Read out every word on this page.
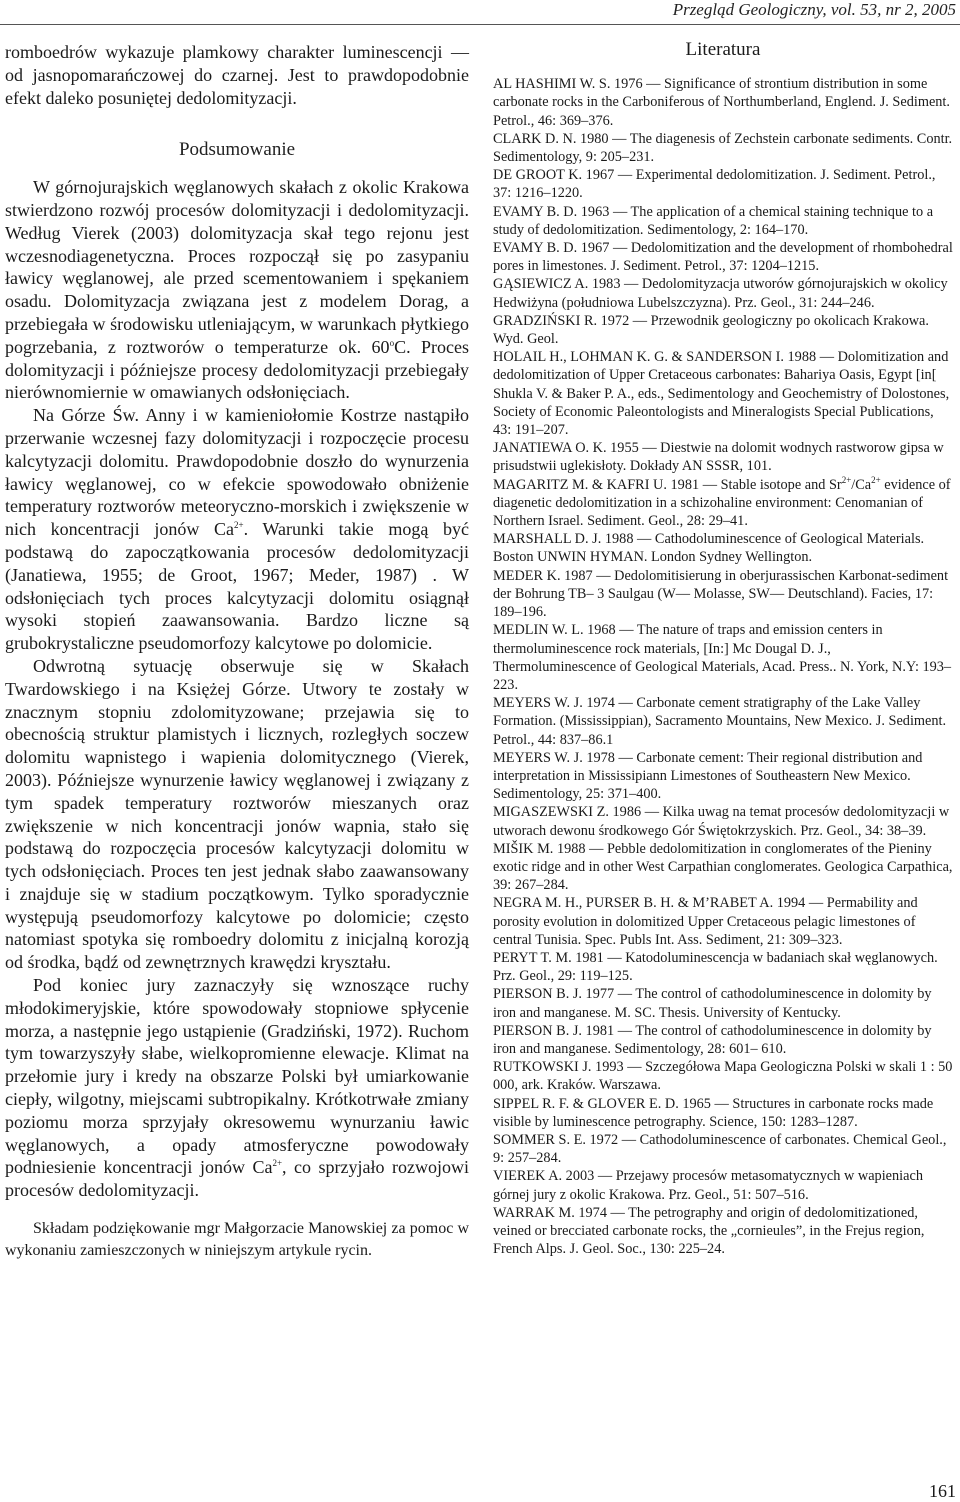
Przegląd Geologiczny, vol. 53, nr 2, 2005

romboedrów wykazuje plamkowy charakter luminescencji — od jasnopomarańczowej do czarnej. Jest to prawdopodobnie efekt daleko posuniętej dedolomityzacji.

Podsumowanie

W górnojurajskich węglanowych skałach z okolic Krakowa stwierdzono rozwój procesów dolomityzacji i dedolomityzacji. Według Vierek (2003) dolomityzacja skał tego rejonu jest wczesnodiagenetyczna. Proces rozpoczął się po zasypaniu ławicy węglanowej, ale przed scementowaniem i spękaniem osadu. Dolomityzacja związana jest z modelem Dorag, a przebiegała w środowisku utleniającym, w warunkach płytkiego pogrzebania, z roztworów o temperaturze ok. 60$^o$C. Proces dolomityzacji i późniejsze procesy dedolomityzacji przebiegały nierównomiernie w omawianych odsłonięciach.

Na Górze Św. Anny i w kamieniołomie Kostrze nastąpiło przerwanie wczesnej fazy dolomityzacji i rozpoczęcie procesu kalcytyzacji dolomitu. Prawdopodobnie doszło do wynurzenia ławicy węglanowej, co w efekcie spowodowało obniżenie temperatury roztworów meteoryczno-morskich i zwiększenie w nich koncentracji jonów $Ca^{2+}$. Warunki takie mogą być podstawą do zapoczątkowania procesów dedolomityzacji (Janatiewa, 1955; de Groot, 1967; Meder, 1987) . W odsłonięciach tych proces kalcytyzacji dolomitu osiągnął wysoki stopień zaawansowania. Bardzo liczne są grubokrystaliczne pseudomorfozy kalcytowe po dolomicie.

Odwrotną sytuację obserwuje się w Skałach Twardowskiego i na Księżej Górze. Utwory te zostały w znacznym stopniu zdolomityzowane; przejawia się to obecnością struktur plamistych i licznych, rozległych soczew dolomitu wapnistego i wapienia dolomitycznego (Vierek, 2003). Późniejsze wynurzenie ławicy węglanowej i związany z tym spadek temperatury roztworów mieszanych oraz zwiększenie w nich koncentracji jonów wapnia, stało się podstawą do rozpoczęcia procesów kalcytyzacji dolomitu w tych odsłonięciach. Proces ten jest jednak słabo zaawansowany i znajduje się w stadium początkowym. Tylko sporadycznie występują pseudomorfozy kalcytowe po dolomicie; często natomiast spotyka się romboedry dolomitu z inicjalną korozją od środka, bądź od zewnętrznych krawędzi kryształu.

Pod koniec jury zaznaczyły się wznoszące ruchy młodokimeryjskie, które spowodowały stopniowe spłycenie morza, a następnie jego ustąpienie (Gradziński, 1972). Ruchom tym towarzyszyły słabe, wielkopromienne elewacje. Klimat na przełomie jury i kredy na obszarze Polski był umiarkowanie ciepły, wilgotny, miejscami subtropikalny. Krótkotrwałe zmiany poziomu morza sprzyjały okresowemu wynurzaniu ławic węglanowych, a opady atmosferyczne powodowały podniesienie koncentracji jonów $Ca^{2+}$, co sprzyjało rozwojowi procesów dedolomityzacji.

Składam podziękowanie mgr Małgorzacie Manowskiej za pomoc w wykonaniu zamieszczonych w niniejszym artykule rycin.

Literatura

AL HASHIMI W. S. 1976 — Significance of strontium distribution in some carbonate rocks in the Carboniferous of Northumberland, Englend. J. Sediment. Petrol., 46: 369–376.

CLARK D. N. 1980 — The diagenesis of Zechstein carbonate sediments. Contr. Sedimentology, 9: 205–231.

DE GROOT K. 1967 — Experimental dedolomitization. J. Sediment. Petrol., 37: 1216–1220.

EVAMY B. D. 1963 — The application of a chemical staining technique to a study of dedolomitization. Sedimentology, 2: 164–170.

EVAMY B. D. 1967 — Dedolomitization and the development of rhombohedral pores in limestones. J. Sediment. Petrol., 37: 1204–1215.

GĄSIEWICZ A. 1983 — Dedolomityzacja utworów górnojurajskich w okolicy Hedwiżyna (południowa Lubelszczyzna). Prz. Geol., 31: 244–246.

GRADZIŃSKI R. 1972 — Przewodnik geologiczny po okolicach Krakowa. Wyd. Geol.

HOLAIL H., LOHMAN K. G. & SANDERSON I. 1988 — Dolomitization and dedolomitization of Upper Cretaceous carbonates: Bahariya Oasis, Egypt [in[ Shukla V. & Baker P. A., eds., Sedimentology and Geochemistry of Dolostones, Society of Economic Paleontologists and Mineralogists Special Publications, 43: 191–207.

JANATIEWA O. K. 1955 — Diestwie na dolomit wodnych rastworow gipsa w prisudstwii uglekisłoty. Dokłady AN SSSR, 101.

MAGARITZ M. & KAFRI U. 1981 — Stable isotope and $Sr^{2+}/Ca^{2+}$ evidence of diagenetic dedolomitization in a schizohaline environment: Cenomanian of Northern Israel. Sediment. Geol., 28: 29–41.

MARSHALL D. J. 1988 — Cathodoluminescence of Geological Materials. Boston UNWIN HYMAN. London Sydney Wellington.

MEDER K. 1987 — Dedolomitisierung in oberjurassischen Karbonat-sediment der Bohrung TB– 3 Saulgau (W— Molasse, SW— Deutschland). Facies, 17: 189–196.

MEDLIN W. L. 1968 — The nature of traps and emission centers in thermoluminescence rock materials, [In:] Mc Dougal D. J., Thermoluminescence of Geological Materials, Acad. Press.. N. York, N.Y: 193–223.

MEYERS W. J. 1974 — Carbonate cement stratigraphy of the Lake Valley Formation. (Mississippian), Sacramento Mountains, New Mexico. J. Sediment. Petrol., 44: 837–86.1

MEYERS W. J. 1978 — Carbonate cement: Their regional distribution and interpretation in Mississipiann Limestones of Southeastern New Mexico. Sedimentology, 25: 371–400.

MIGASZEWSKI Z. 1986 — Kilka uwag na temat procesów dedolomityzacji w utworach dewonu środkowego Gór Świętokrzyskich. Prz. Geol., 34: 38–39.

MIŠIK M. 1988 — Pebble dedolomitization in conglomerates of the Pieniny exotic ridge and in other West Carpathian conglomerates. Geologica Carpathica, 39: 267–284.

NEGRA M. H., PURSER B. H. & M’RABET A. 1994 — Permability and porosity evolution in dolomitized Upper Cretaceous pelagic limestones of central Tunisia. Spec. Publs Int. Ass. Sediment, 21: 309–323.

PERYT T. M. 1981 — Katodoluminescencja w badaniach skał węglanowych. Prz. Geol., 29: 119–125.

PIERSON B. J. 1977 — The control of cathodoluminescence in dolomity by iron and manganese. M. SC. Thesis. University of Kentucky.

PIERSON B. J. 1981 — The control of cathodoluminescence in dolomity by iron and manganese. Sedimentology, 28: 601– 610.

RUTKOWSKI J. 1993 — Szczegółowa Mapa Geologiczna Polski w skali 1 : 50 000, ark. Kraków. Warszawa.

SIPPEL R. F. & GLOVER E. D. 1965 — Structures in carbonate rocks made visible by luminescence petrography. Science, 150: 1283–1287.

SOMMER S. E. 1972 — Cathodoluminescence of carbonates. Chemical Geol., 9: 257–284.

VIEREK A. 2003 — Przejawy procesów metasomatycznych w wapieniach górnej jury z okolic Krakowa. Prz. Geol., 51: 507–516.

WARRAK M. 1974 — The petrography and origin of dedolomitizationed, veined or brecciated carbonate rocks, the „cornieules”, in the Frejus region, French Alps. J. Geol. Soc., 130: 225–24.

161
